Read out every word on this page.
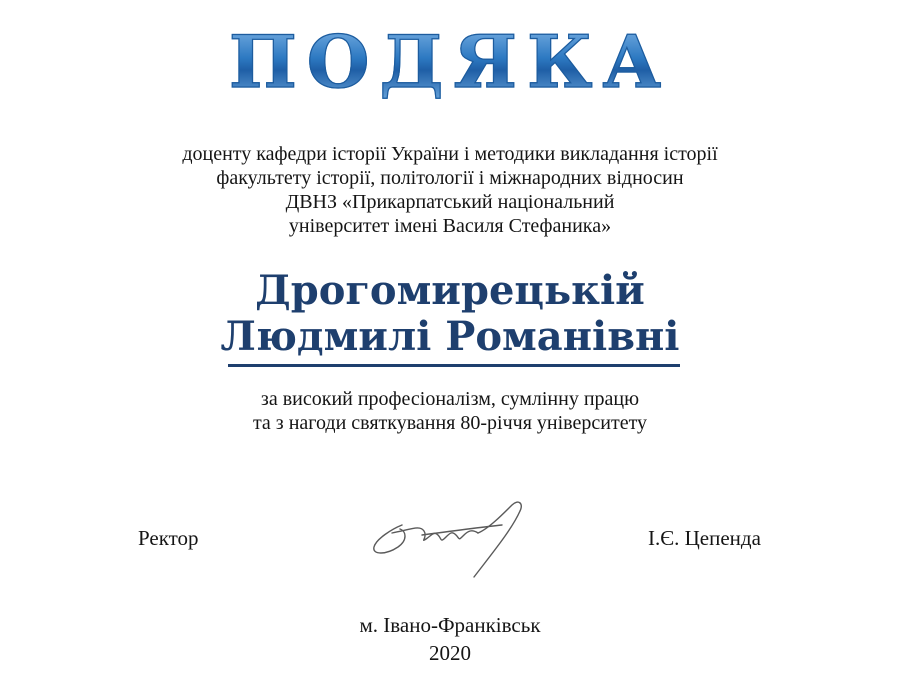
ПОДЯКА
доценту кафедри історії України і методики викладання історії
факультету історії, політології і міжнародних відносин
ДВНЗ «Прикарпатський національний
університет імені Василя Стефаника»
Дрогомирецькій
Людмилі Романівні
за високий професіоналізм, сумлінну працю
та з нагоди святкування 80-річчя університету
Ректор	І.Є. Цепенда
м. Івано-Франківськ
2020
